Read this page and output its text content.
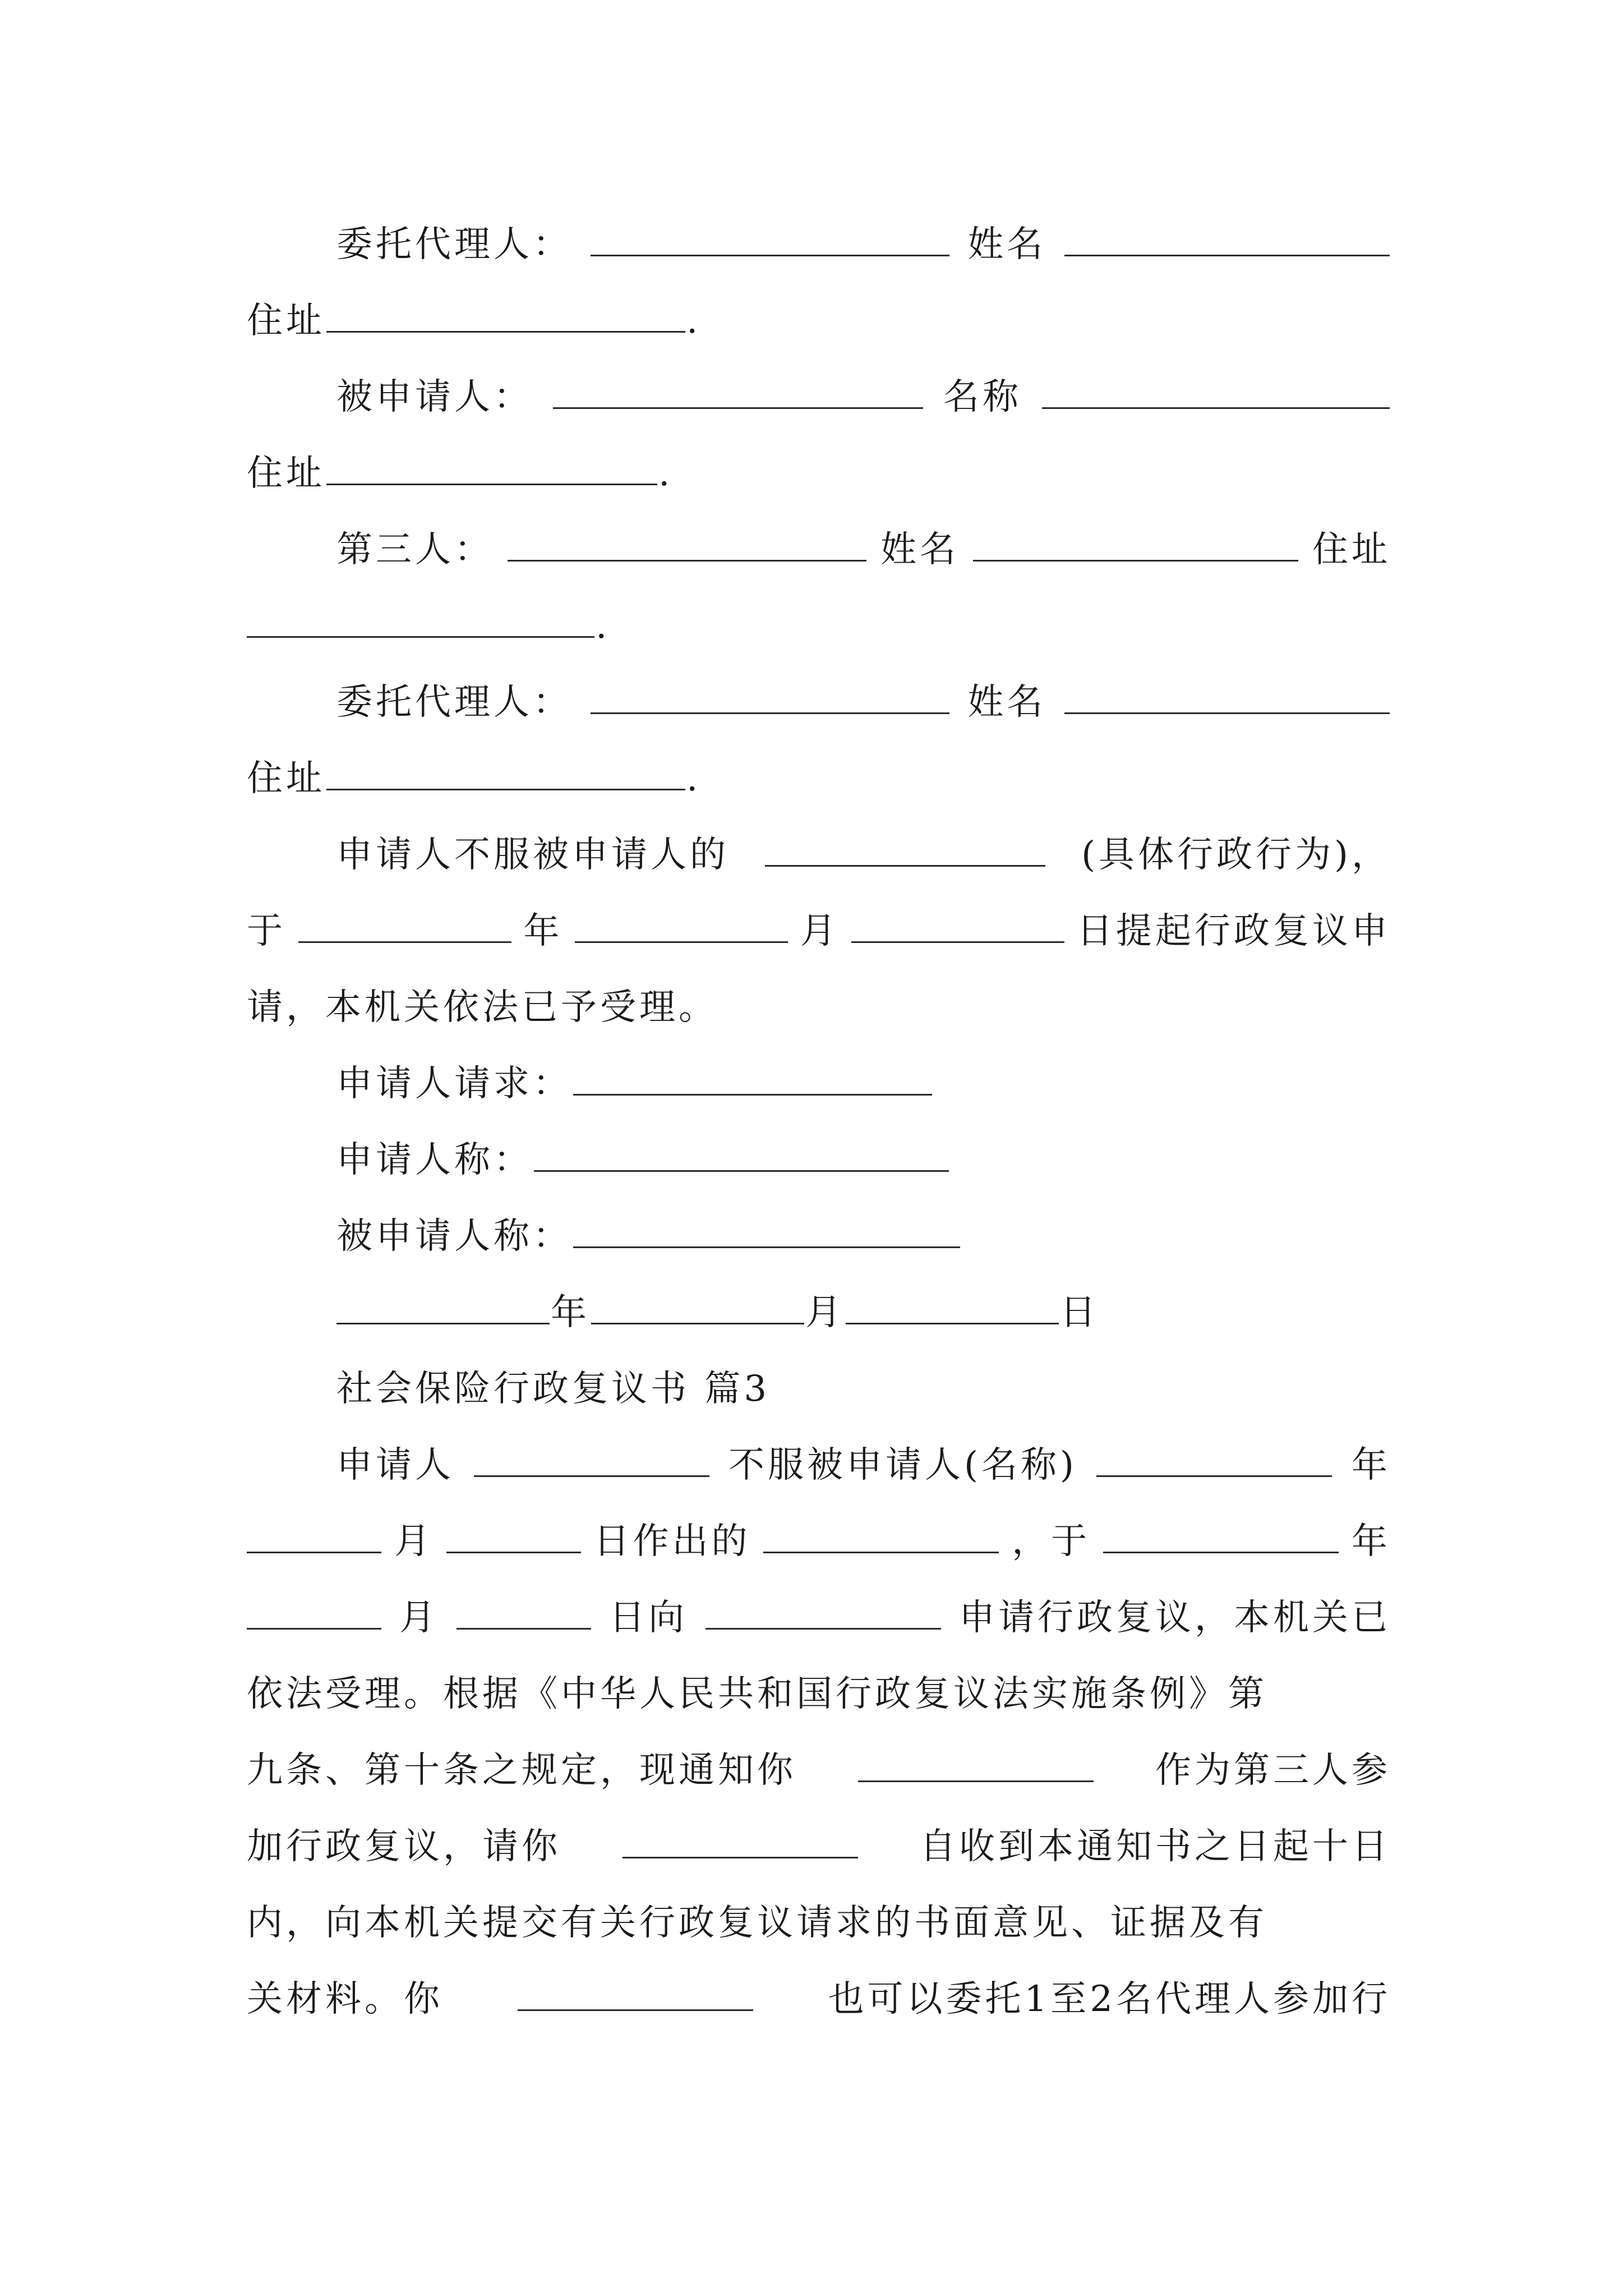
委托代理人：	姓名
住址	.
被申请人：	名称
住址	.
第三人：	姓名	住址
.
委托代理人：	姓名
住址	.
申请人不服被申请人的	(具体行政行为)，
于	年	月	日提起行政复议申
请，本机关依法已予受理。
申请人请求：
申请人称：
被申请人称：
年	月	日
社会保险行政复议书 篇3
申请人	不服被申请人(名称)	年
月	日作出的	，于	年
月	日向	申请行政复议，本机关已
依法受理。根据《中华人民共和国行政复议法实施条例》第
九条、第十条之规定，现通知你	作为第三人参
加行政复议，请你	自收到本通知书之日起十日
内，向本机关提交有关行政复议请求的书面意见、证据及有
关材料。你	也可以委托1至2名代理人参加行
